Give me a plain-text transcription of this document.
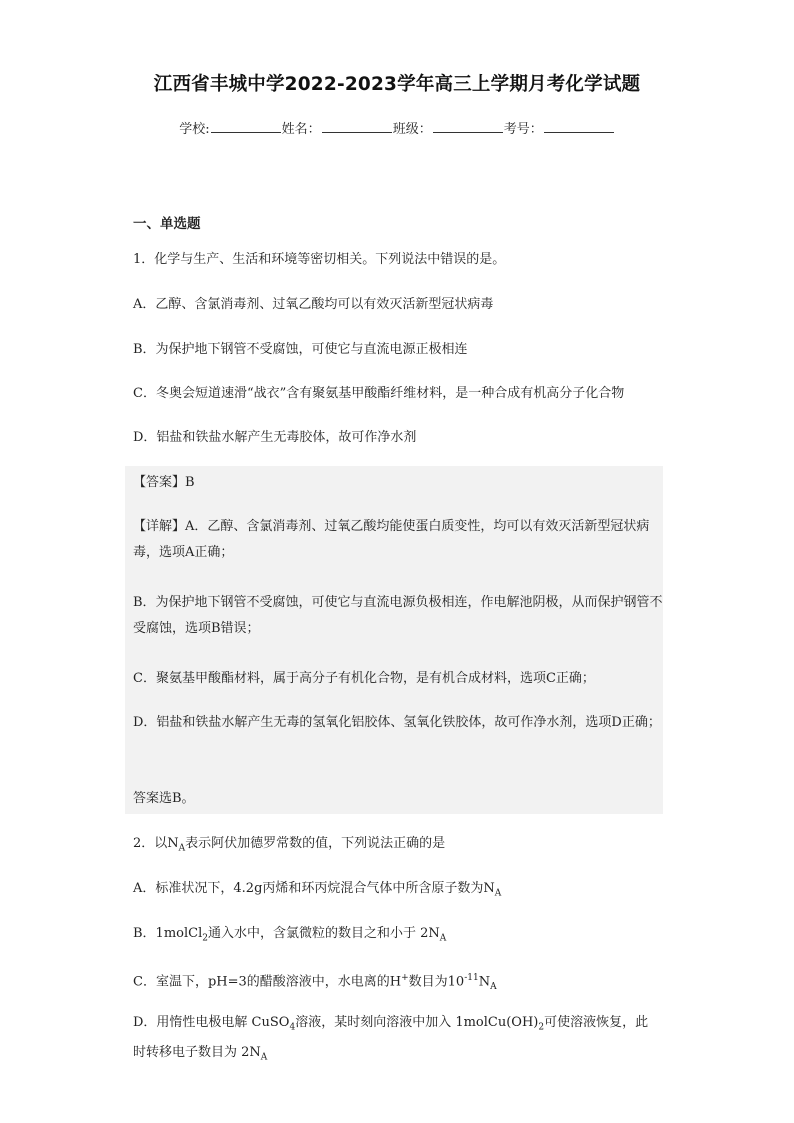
江西省丰城中学2022-2023学年高三上学期月考化学试题
学校:	姓名：	班级：	考号：
一、单选题
1．化学与生产、生活和环境等密切相关。下列说法中错误的是。
A．乙醇、含氯消毒剂、过氧乙酸均可以有效灭活新型冠状病毒
B．为保护地下钢管不受腐蚀，可使它与直流电源正极相连
C．冬奥会短道速滑“战衣”含有聚氨基甲酸酯纤维材料，是一种合成有机高分子化合物
D．铝盐和铁盐水解产生无毒胶体，故可作净水剂
【答案】B
【详解】A．乙醇、含氯消毒剂、过氧乙酸均能使蛋白质变性，均可以有效灭活新型冠状病毒，选项A正确；
B．为保护地下钢管不受腐蚀，可使它与直流电源负极相连，作电解池阴极，从而保护钢管不受腐蚀，选项B错误；
C．聚氨基甲酸酯材料，属于高分子有机化合物，是有机合成材料，选项C正确；
D．铝盐和铁盐水解产生无毒的氢氧化铝胶体、氢氧化铁胶体，故可作净水剂，选项D正确；
答案选B。
2．以$N_A$表示阿伏加德罗常数的值，下列说法正确的是
A．标准状况下，4.2g丙烯和环丙烷混合气体中所含原子数为$N_A$
B．1molCl$_2$通入水中，含氯微粒的数目之和小于 $2N_A$
C．室温下，pH=3的醋酸溶液中，水电离的H+数目为$10^{-11}N_A$
D．用惰性电极电解 CuSO$_4$溶液，某时刻向溶液中加入 $1molCu(OH)_2$可使溶液恢复，此
时转移电子数目为 $2N_A$
